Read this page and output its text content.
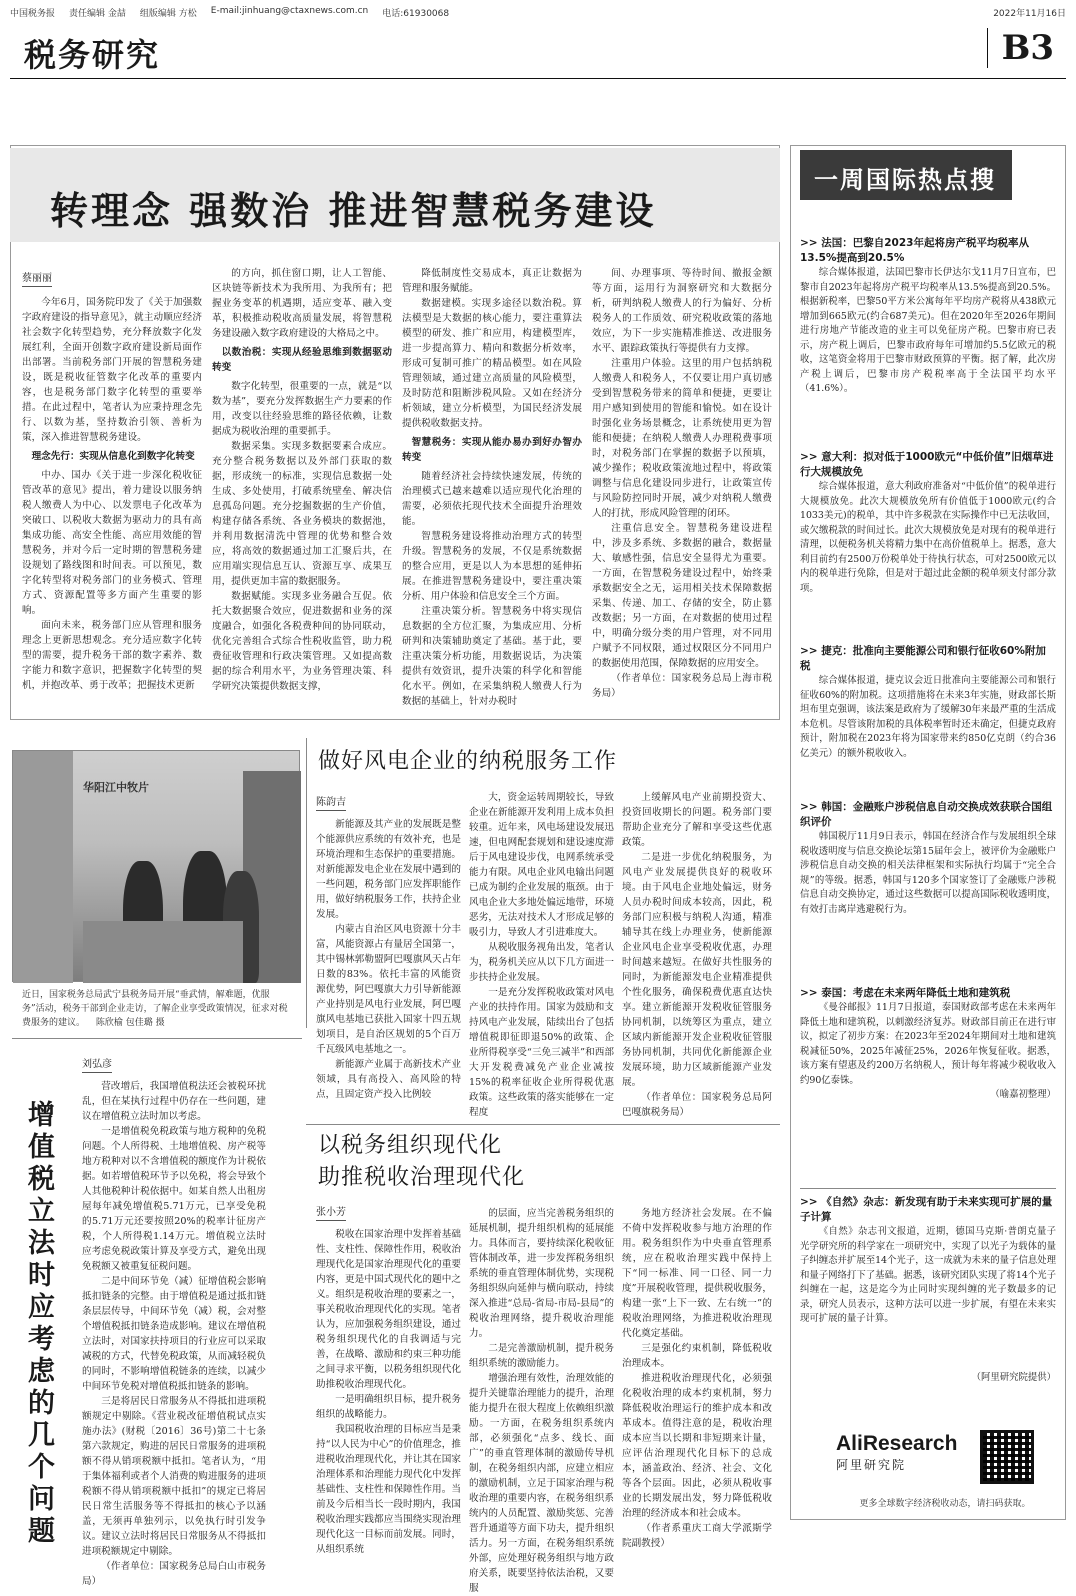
中国税务报 责任编辑 金喆 组版编辑 方松 E-mail:jinhuang@ctaxnews.com.cn 电话:61930068	2022年11月16日
税务研究	B3
转理念 强数治 推进智慧税务建设
蔡丽丽

今年6月，国务院印发了《关于加强数字政府建设的指导意见》，就主动顺应经济社会数字化转型趋势，充分释放数字化发展红利，全面开创数字政府建设新局面作出部署。当前税务部门开展的智慧税务建设，既是税收征管数字化改革的重要内容，也是税务部门数字化转型的重要举措。在此过程中，笔者认为应秉持理念先行、以数为基，坚持数治引领、善析为策，深入推进智慧税务建设。

理念先行：实现从信息化到数字化转变

中办、国办《关于进一步深化税收征管改革的意见》提出，着力建设以服务纳税人缴费人为中心、以发票电子化改革为突破口、以税收大数据为驱动力的具有高集成功能、高安全性能、高应用效能的智慧税务，并对今后一定时期的智慧税务建设规划了路线图和时间表。可以预见，数字化转型将对税务部门的业务模式、管理方式、资源配置等多方面产生重要的影响。

面向未来，税务部门应从管理和服务理念上更新思想观念。充分适应数字化转型的需要，提升税务干部的数字素养、数字能力和数字意识，把握数字化转型的契机，并抱改革、勇于改革；把握技术更新

的方向，抓住窗口期，让人工智能、区块链等新技术为我所用、为我所有；把握业务变革的机遇期，适应变革、融入变革，积极推动税收高质量发展，将智慧税务建设融入数字政府建设的大格局之中。

以数治税：实现从经验思维到数据驱动转变

数字化转型，很重要的一点，就是“以数为基”，要充分发挥数据生产力要素的作用，改变以往经验思维的路径依赖，让数据成为税收治理的重要抓手。

数据采集。实现多数据要素合成应。充分整合税务数据以及外部门获取的数据，形成统一的标准，实现信息数据一处生成、多处使用，打破系统壁垒、解决信息孤岛问题。充分挖掘数据的生产价值，构建存储各系统、各业务模块的数据池，并利用数据清洗中管理的优势和整合效应，将高效的数据通过加工汇聚后共，在应用端实现信息互认、资源互享、成果互用，提供更加丰富的数据服务。

数据赋能。实现多业务融合互促。依托大数据聚合效应，促进数据和业务的深度融合，如强化各税费种间的协同联动，优化完善组合式综合性税收监管，助力税费征收管理和行政决策管理。又如提高数据的综合利用水平，为业务管理决策、科学研究决策提供数据支撑，

降低制度性交易成本，真正让数据为管理和服务赋能。

数据建模。实现多途径以数治税。算法模型是大数据的核心能力，要注重算法模型的研发、推广和应用，构建模型库，进一步提高算力、精向和数据分析效率，形成可复制可推广的精品模型。如在风险管理领域，通过建立高质量的风险模型，及时防范和阻断涉税风险。又如在经济分析领域，建立分析模型，为国民经济发展提供税收数据支持。

智慧税务：实现从能办易办到好办智办转变

随着经济社会持续快速发展，传统的治理模式已越来越难以适应现代化治理的需要，必须依托现代技术全面提升治理效能。

智慧税务建设将推动治理方式的转型升级。智慧税务的发展，不仅是系统数据的整合应用，更是以人为本思想的延伸拓展。在推进智慧税务建设中，要注重决策分析、用户体验和信息安全三个方面。

注重决策分析。智慧税务中将实现信息数据的全方位汇聚，为集成应用、分析研判和决策辅助奠定了基础。基于此，要注重决策分析功能，用数据说话，为决策提供有效资讯，提升决策的科学化和智能化水平。例如，在采集纳税人缴费人行为数据的基础上，针对办税时

间、办理事项、等待时间、撤报金额等方面，运用行为洞察研究和大数据分析，研判纳税人缴费人的行为偏好、分析税务人的工作质效、研究税收政策的落地效应，为下一步实施精准推送、改进服务水平、跟踪政策执行等提供有力支撑。

注重用户体验。这里的用户包括纳税人缴费人和税务人，不仅要让用户真切感受到智慧税务带来的简单和便捷，更要让用户感知到使用的智能和愉悦。如在设计时强化业务场景概念，让系统使用更为智能和便捷；在纳税人缴费人办理税费事项时，对税务部门在掌握的数据予以预填，减少操作；税收政策流地过程中，将政策调整与信息化建设同步进行，让政策宣传与风险防控同时开展，减少对纳税人缴费人的打扰，形成风险管理的闭环。

注重信息安全。智慧税务建设进程中，涉及多系统、多数据的融合，数据量大、敏感性强，信息安全显得尤为重要。一方面，在智慧税务建设过程中，始终秉承数据安全之无，运用相关技术保障数据采集、传递、加工、存储的安全，防止篡改数据；另一方面，在对数据的使用过程中，明确分级分类的用户管理，对不同用户赋予不同权限，通过权限区分不同用户的数据使用范围，保障数据的应用安全。

（作者单位：国家税务总局上海市税务局）

华阳江中牧片
近日，国家税务总局武宁县税务局开展“垂武情，解难题，优服务”活动，税务干部到企业走访，了解企业享受政策情况，征求对税费服务的建议。 陈欣榆 包佳璐 摄
做好风电企业的纳税服务工作
陈韵吉

新能源及其产业的发展既是整个能源供应系统的有效补充，也是环境治理和生态保护的重要措施。对新能源发电企业在发展中遇到的一些问题，税务部门应发挥职能作用，做好纳税服务工作，扶持企业发展。

内蒙古自治区风电资源十分丰富，风能资源占有量居全国第一，其中锡林郭勒盟阿巴嘎旗风天占年日数的83%。依托丰富的风能资源优势，阿巴嘎旗大力引导新能源产业持别是风电行业发展，阿巴嘎旗风电基地已获批入国家十四五规划项目，是自治区规划的5个百万千瓦级风电基地之一。

新能源产业属于高新技术产业领域，具有高投入、高风险的特点，且固定资产投入比例较

大，资金运转周期较长，导致企业在新能源开发利用上成本负担较重。近年来，风电场建设发展迅速，但电网配套规划和建设速度滞后于风电建设步伐，电网系统承受能力有限。风电企业风电输出问题已成为制约企业发展的瓶颈。由于风电企业大多地处偏远地带，环境恶劣，无法对技术人才形成足够的吸引力，导致人才引进难度大。

从税收服务视角出发，笔者认为，税务机关应从以下几方面进一步扶持企业发展。

一是充分发挥税收政策对风电产业的扶持作用。国家为鼓励和支持风电产业发展，陆续出台了包括增值税即征即退50%的政策、企业所得税享受“三免三减半”和西部大开发税费减免产业企业减按15%的税率征收企业所得税优惠政策。这些政策的落实能够在一定程度

上缓解风电产业前期投资大、投资回收期长的问题。税务部门要帮助企业充分了解和享受这些优惠政策。

二是进一步优化纳税服务，为风电产业发展提供良好的税收环境。由于风电企业地处偏远，财务人员办税时间成本较高，因此，税务部门应积极与纳税人沟通，精准辅导其在线上办理业务，使新能源企业风电企业享受税收优惠，办理时间越来越短。在做好共性服务的同时，为新能源发电企业精准提供个性化服务，确保税费优惠直达快享。建立新能源开发税收征管服务协同机制，以统筹区为重点，建立区域内新能源开发企业税收征管服务协同机制，共同优化新能源企业发展环境，助力区域新能源产业发展。

（作者单位：国家税务总局阿巴嘎旗税务局）

增值税立法时应考虑的几个问题
刘弘彦

营改增后，我国增值税法还会被税环扰乱，但在某执行过程中仍存在一些问题，建议在增值税立法时加以考虑。

一是增值税免税政策与地方税种的免税问题。个人所得税、土地增值税、房产税等地方税种对以不含增值税的额度作为计税依据。如若增值税环节予以免税，将会导致个人其他税种计税依据中。如某自然人出租房屋每年减免增值税5.71万元，已享受免税的5.71万元还要按照20%的税率计征房产税，个人所得税1.14万元。增值税立法时应考虑免税政策计算及享受方式，避免出现免税额又被重复征税问题。

二是中间环节免（减）征增值税会影响抵扣链条的完整。由于增值税是通过抵扣链条层层传导，中间环节免（减）税，会对整个增值税抵扣链条造成影响。建议在增值税立法时，对国家扶持项目的行业应可以采取减税的方式，代替免税政策，从而减轻税负的同时，不影响增值税链条的连续，以减少中间环节免税对增值税抵扣链条的影响。

三是将居民日常服务从不得抵扣进项税额规定中剔除。《营业税改征增值税试点实施办法》(财税〔2016〕36号)第二十七条第六款规定，购进的居民日常服务的进项税额不得从销项税额中抵扣。笔者认为，“用于集体福利或者个人消费的购进服务的进项税额不得从销项税额中抵扣”的规定已将居民日常生活服务等不得抵扣的核心予以涵盖，无须再单独列示，以免执行时引发争议。建议立法时将居民日常服务从不得抵扣进项税额规定中剔除。

（作者单位：国家税务总局白山市税务局）

以税务组织现代化
助推税收治理现代化
张小芳

税收在国家治理中发挥着基础性、支柱性、保障性作用，税收治理现代化是国家治理现代化的重要内容，更是中国式现代化的题中之义。组织是税收治理的要素之一，事关税收治理现代化的实现。笔者认为，应加强税务组织建设，通过税务组织现代化的自我调适与完善，在战略、激励和约束三种功能之间寻求平衡，以税务组织现代化助推税收治理现代化。

一是明确组织目标，提升税务组织的战略能力。

我国税收治理的目标应当是秉持“以人民为中心”的价值理念，推进税收治理现代化，并让其在国家治理体系和治理能力现代化中发挥基础性、支柱性和保障性作用。当前及今后相当长一段时期内，我国税收治理实践都应当围绕实现治理现代化这一目标而前发展。同时，从组织系统

的层面，应当完善税务组织的延展机制，提升组织机构的延展能力。具体而言，要持续深化税收征管体制改革，进一步发挥税务组织系统的垂直管理体制优势，实现税务组织纵向延伸与横向联动，持续深入推进“总局-省局-市局-县局”的税收治理网络，提升税收治理能力。

二是完善激励机制，提升税务组织系统的激励能力。

增强治理有效性，治理效能的提升关键靠治理能力的提升，治理能力提升在很大程度上依赖组织激励。一方面，在税务组织系统内部，必须强化“点多、线长、面广”的垂直管理体制的激励传导机制，在税务组织内部，应建立相应的激励机制，立足于国家治理与税收治理的重要内容，在税务组织系统内的人员配置、激励奖惩、完善晋升通道等方面下功夫，提升组织活力。另一方面，在税务组织系统外部，应处理好税务组织与地方政府关系，既要坚持依法治税，又要服

务地方经济社会发展。在不偏不倚中发挥税收参与地方治理的作用。税务组织作为中央垂直管理系统，应在税收治理实践中保持上下“同一标准、同一口径、同一力度”开展税收管理，提供税收服务，构建一张“上下一致、左右统一”的税收治理网络，为推进税收治理现代化奠定基础。

三是强化约束机制，降低税收治理成本。

推进税收治理现代化，必须强化税收治理的成本约束机制，努力降低税收治理运行的维护成本和改革成本。值得注意的是，税收治理成本应当以长期和非短期来计量，应评估治理现代化目标下的总成本，涵盖政治、经济、社会、文化等各个层面。因此，必须从税收事业的长期发展出发，努力降低税收治理的经济成本和社会成本。

（作者系重庆工商大学派斯学院副教授）

一周国际热点搜索
>> 法国：巴黎自2023年起将房产税平均税率从13.5%提高到20.5%

综合媒体报道，法国巴黎市长伊达尔戈11月7日宣布，巴黎市自2023年起将房产税平均税率从13.5%提高到20.5%。根据新税率，巴黎50平方米公寓每年平均房产税将从438欧元增加到665欧元(约合687美元)。但在2020年至2026年期间进行房地产节能改造的业主可以免征房产税。巴黎市府已表示，房产税上调后，巴黎市政府每年可增加约5.5亿欧元的税收，这笔资金将用于巴黎市财政预算的平衡。据了解，此次房产税上调后，巴黎市房产税税率高于全法国平均水平（41.6%）。

>> 意大利：拟对低于1000欧元“中低价值”旧烟草进行大规模放免

综合媒体报道，意大利政府准备对“中低价值”的税单进行大规模放免。此次大规模放免所有价值低于1000欧元(约合1033美元)的税单，其中许多税款在实际操作中已无法收回，或欠缴税款的时间过长。此次大规模放免是对现有的税单进行清理，以便税务机关将精力集中在高价值税单上。据悉，意大利目前约有2500万份税单处于待执行状态，可对2500欧元以内的税单进行免除，但是对于超过此金额的税单须支付部分款项。

>> 捷克：批准向主要能源公司和银行征收60%附加税

综合媒体报道，捷克议会近日批准向主要能源公司和银行征收60%的附加税。这项措施将在未来3年实施，财政部长斯坦布里克强调，该法案是政府为了缓解30年来最严重的生活成本危机。尽管该附加税的具体税率暂时还未确定，但捷克政府预计，附加税在2023年将为国家带来约850亿克朗（约合36亿美元）的额外税收收入。

>> 韩国：金融账户涉税信息自动交换成效获联合国组织评价

韩国税厅11月9日表示，韩国在经济合作与发展组织全球税收透明度与信息交换论坛第15届年会上，被评价为金融账户涉税信息自动交换的相关法律框架和实际执行均属于“完全合规”的等级。据悉，韩国与120多个国家签订了金融账户涉税信息自动交换协定，通过这些数据可以提高国际税收透明度，有效打击离岸逃避税行为。

>> 泰国：考虑在未来两年降低土地和建筑税

《曼谷邮报》11月7日报道，泰国财政部考虑在未来两年降低土地和建筑税，以刺激经济复苏。财政部目前正在进行审议，拟定了初步方案：在2023年至2024年期间对土地和建筑税减征50%，2025年减征25%，2026年恢复征收。据悉，该方案有望惠及约200万名纳税人，预计每年将减少税收收入约90亿泰铢。

（喻嘉初整理）
>> 《自然》杂志：新发现有助于未来实现可扩展的量子计算

《自然》杂志刊文报道，近期，德国马克斯·普朗克量子光学研究所的科学家在一项研究中，实现了以光子为载体的量子纠缠态并扩展至14个光子，这一成就为未来的量子信息处理和量子网络打下了基础。据悉，该研究团队实现了将14个光子纠缠在一起，这是迄今为止同时实现纠缠的光子数最多的记录，研究人员表示，这种方法可以进一步扩展，有望在未来实现可扩展的量子计算。

（阿里研究院提供）
AliResearch
阿里研究院
更多全球数字经济税收动态，请扫码获取。
